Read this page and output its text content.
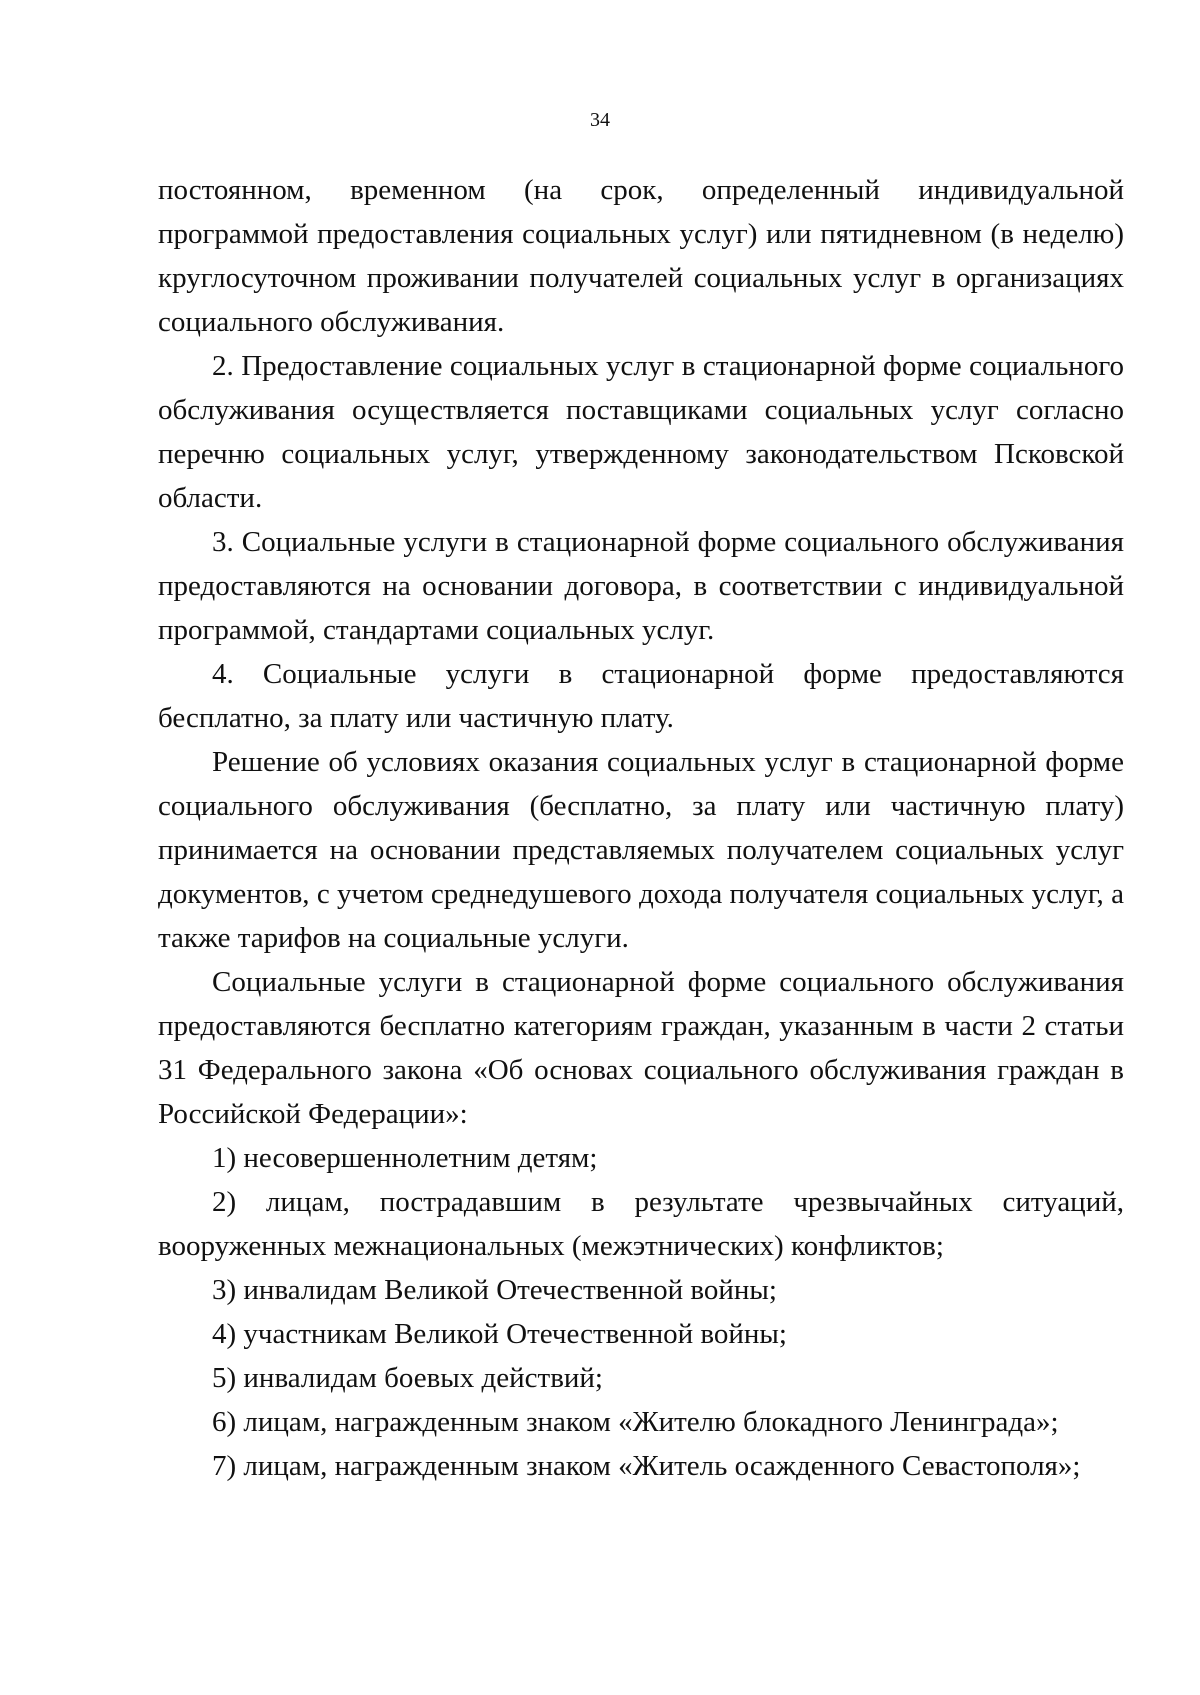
34

постоянном, временном (на срок, определенный индивидуальной программой предоставления социальных услуг) или пятидневном (в неделю) круглосуточном проживании получателей социальных услуг в организациях социального обслуживания.

2. Предоставление социальных услуг в стационарной форме социального обслуживания осуществляется поставщиками социальных услуг согласно перечню социальных услуг, утвержденному законодательством Псковской области.

3. Социальные услуги в стационарной форме социального обслуживания предоставляются на основании договора, в соответствии с индивидуальной программой, стандартами социальных услуг.

4. Социальные услуги в стационарной форме предоставляются бесплатно, за плату или частичную плату.

Решение об условиях оказания социальных услуг в стационарной форме социального обслуживания (бесплатно, за плату или частичную плату) принимается на основании представляемых получателем социальных услуг документов, с учетом среднедушевого дохода получателя социальных услуг, а также тарифов на социальные услуги.

Социальные услуги в стационарной форме социального обслуживания предоставляются бесплатно категориям граждан, указанным в части 2 статьи 31 Федерального закона «Об основах социального обслуживания граждан в Российской Федерации»:

1) несовершеннолетним детям;

2) лицам, пострадавшим в результате чрезвычайных ситуаций, вооруженных межнациональных (межэтнических) конфликтов;

3) инвалидам Великой Отечественной войны;

4) участникам Великой Отечественной войны;

5) инвалидам боевых действий;

6) лицам, награжденным знаком «Жителю блокадного Ленинграда»;

7) лицам, награжденным знаком «Житель осажденного Севастополя»;
